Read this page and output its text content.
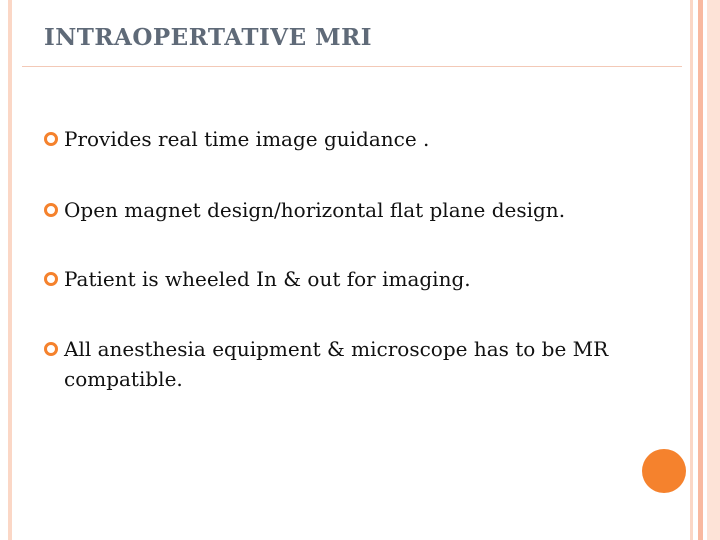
INTRAOPERTATIVE MRI
Provides real time image guidance .
Open magnet design/horizontal flat plane design.
Patient is wheeled In & out for imaging.
All anesthesia equipment & microscope has to be MR compatible.
